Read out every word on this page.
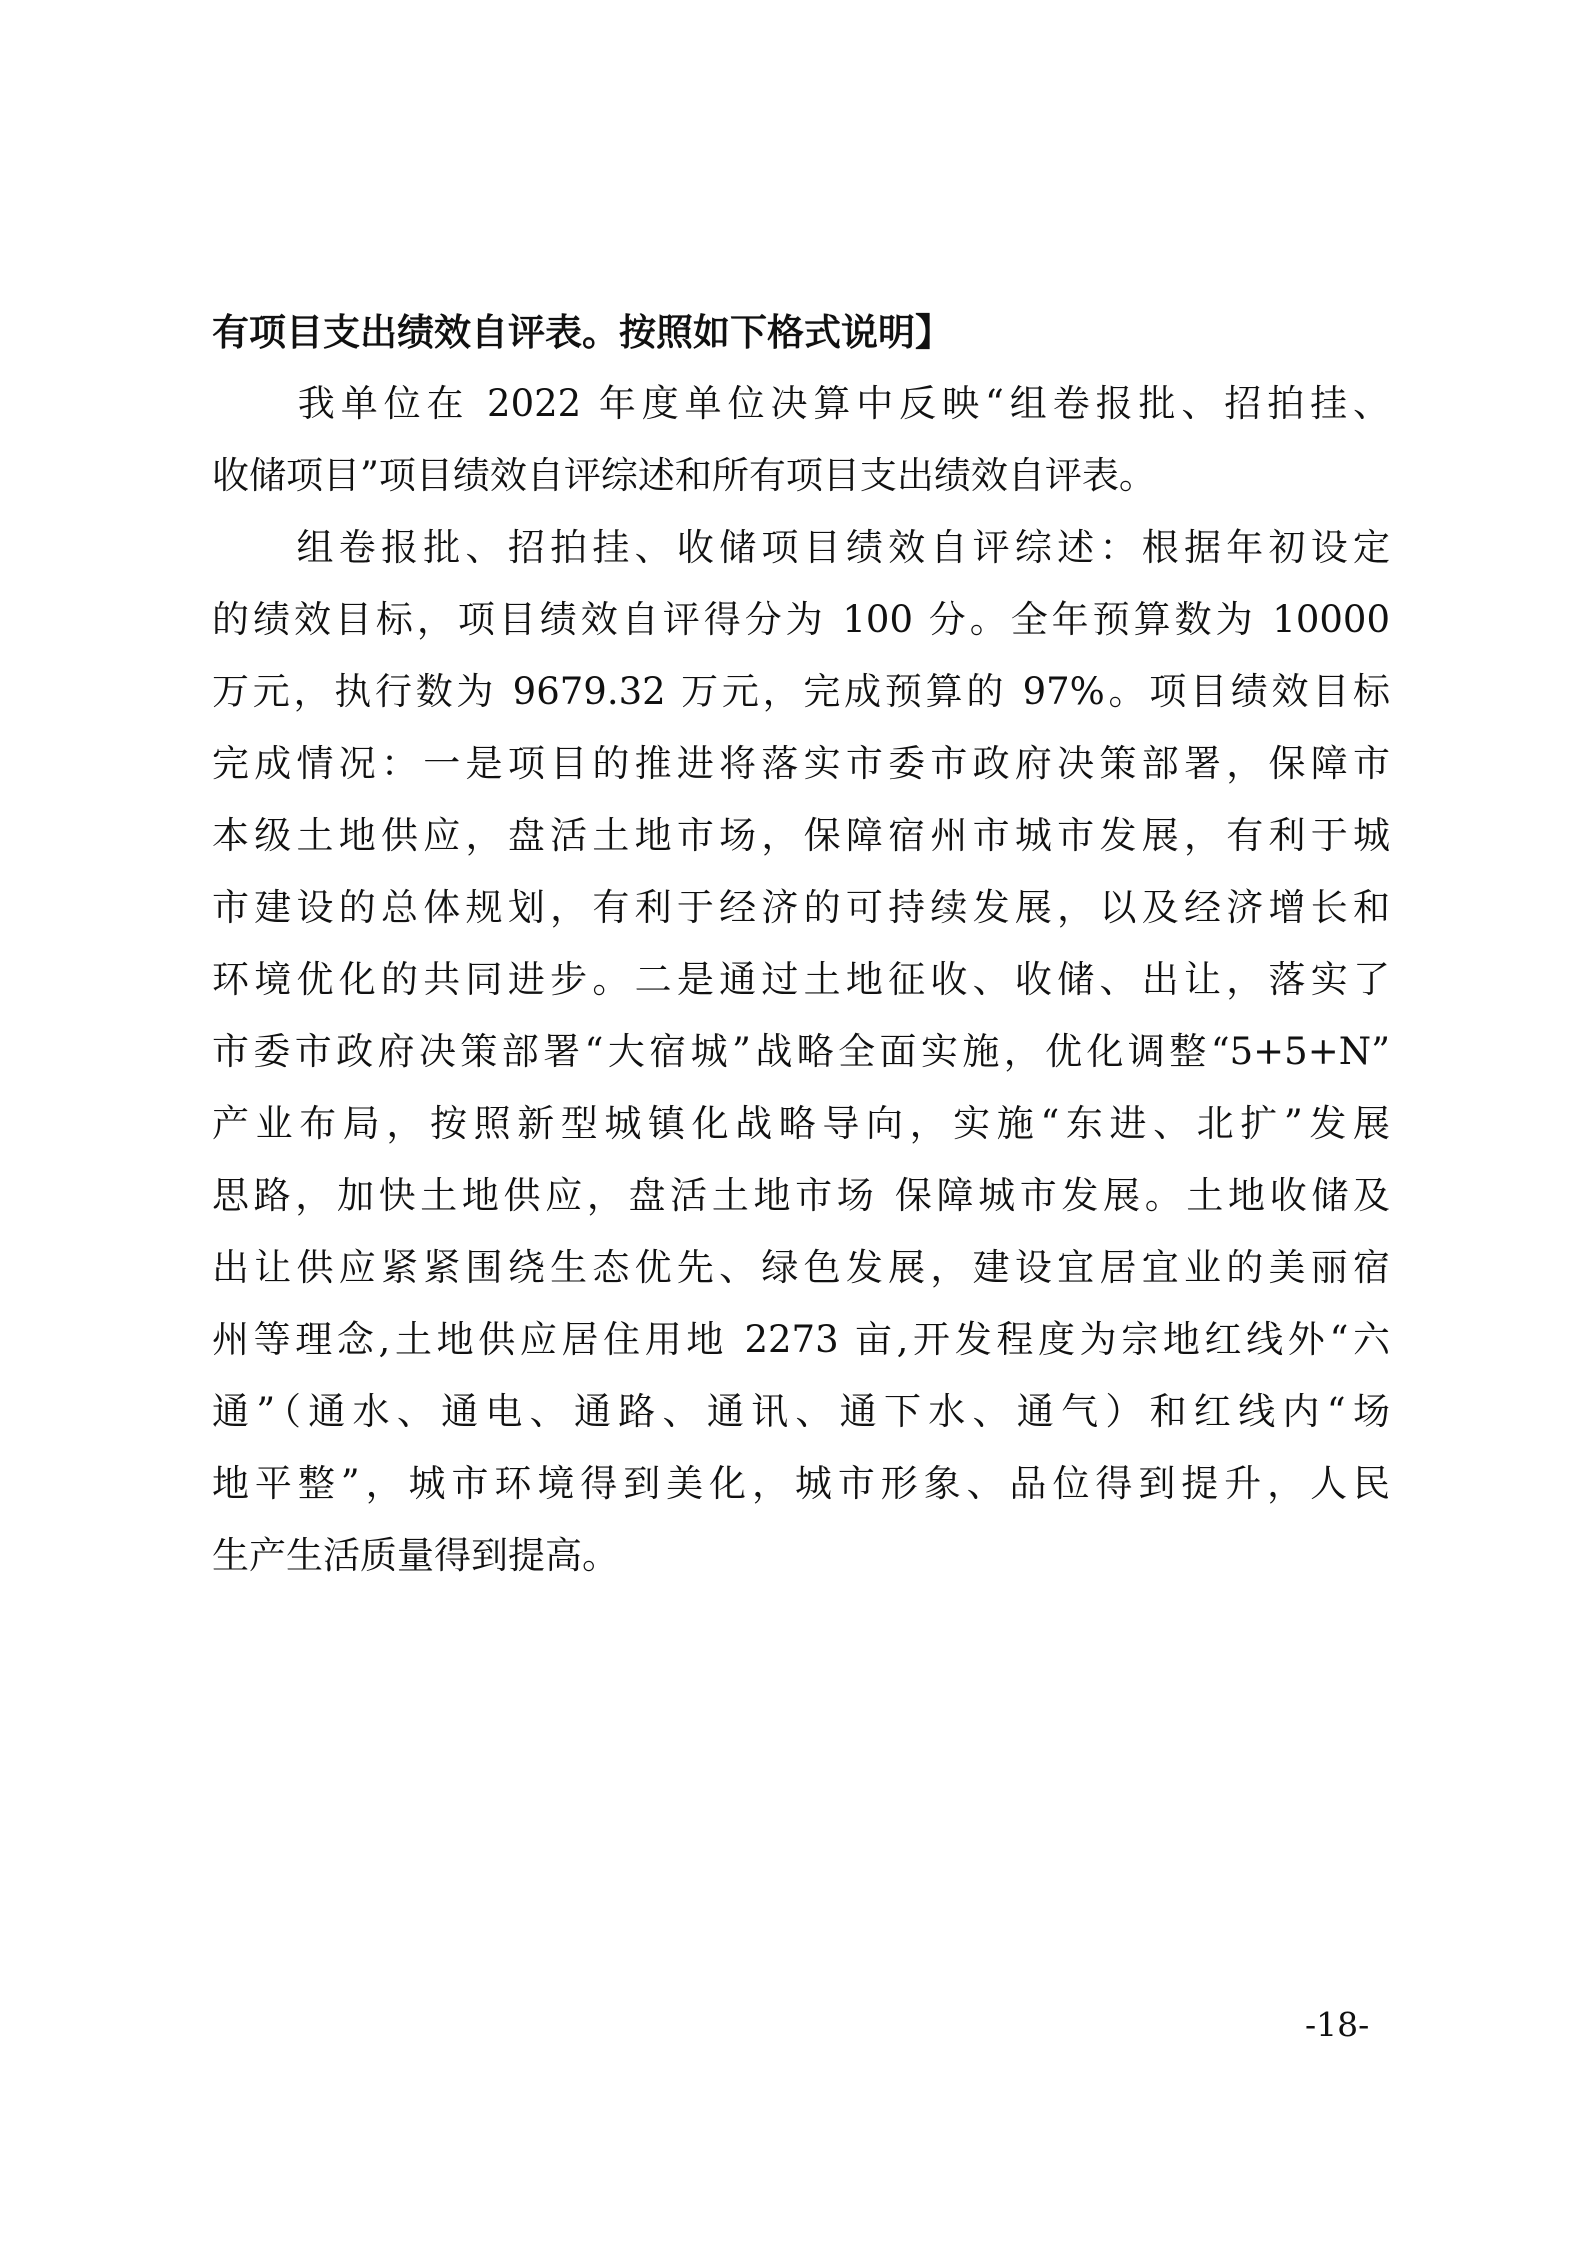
有项目支出绩效自评表。按照如下格式说明】
　　我单位在 2022 年度单位决算中反映“组卷报批、招拍挂、
收储项目”项目绩效自评综述和所有项目支出绩效自评表。
　　组卷报批、招拍挂、收储项目绩效自评综述：根据年初设定
的绩效目标，项目绩效自评得分为 100 分。全年预算数为 10000
万元，执行数为 9679.32 万元，完成预算的 97%。项目绩效目标
完成情况：一是项目的推进将落实市委市政府决策部署，保障市
本级土地供应，盘活土地市场，保障宿州市城市发展，有利于城
市建设的总体规划，有利于经济的可持续发展，以及经济增长和
环境优化的共同进步。二是通过土地征收、收储、出让，落实了
市委市政府决策部署“大宿城”战略全面实施，优化调整“5+5+N”
产业布局，按照新型城镇化战略导向，实施“东进、北扩”发展
思路，加快土地供应，盘活土地市场 保障城市发展。土地收储及
出让供应紧紧围绕生态优先、绿色发展，建设宜居宜业的美丽宿
州等理念,土地供应居住用地 2273 亩,开发程度为宗地红线外“六
通”（通水、通电、通路、通讯、通下水、通气）和红线内“场
地平整”，城市环境得到美化，城市形象、品位得到提升，人民
生产生活质量得到提高。
-18-
